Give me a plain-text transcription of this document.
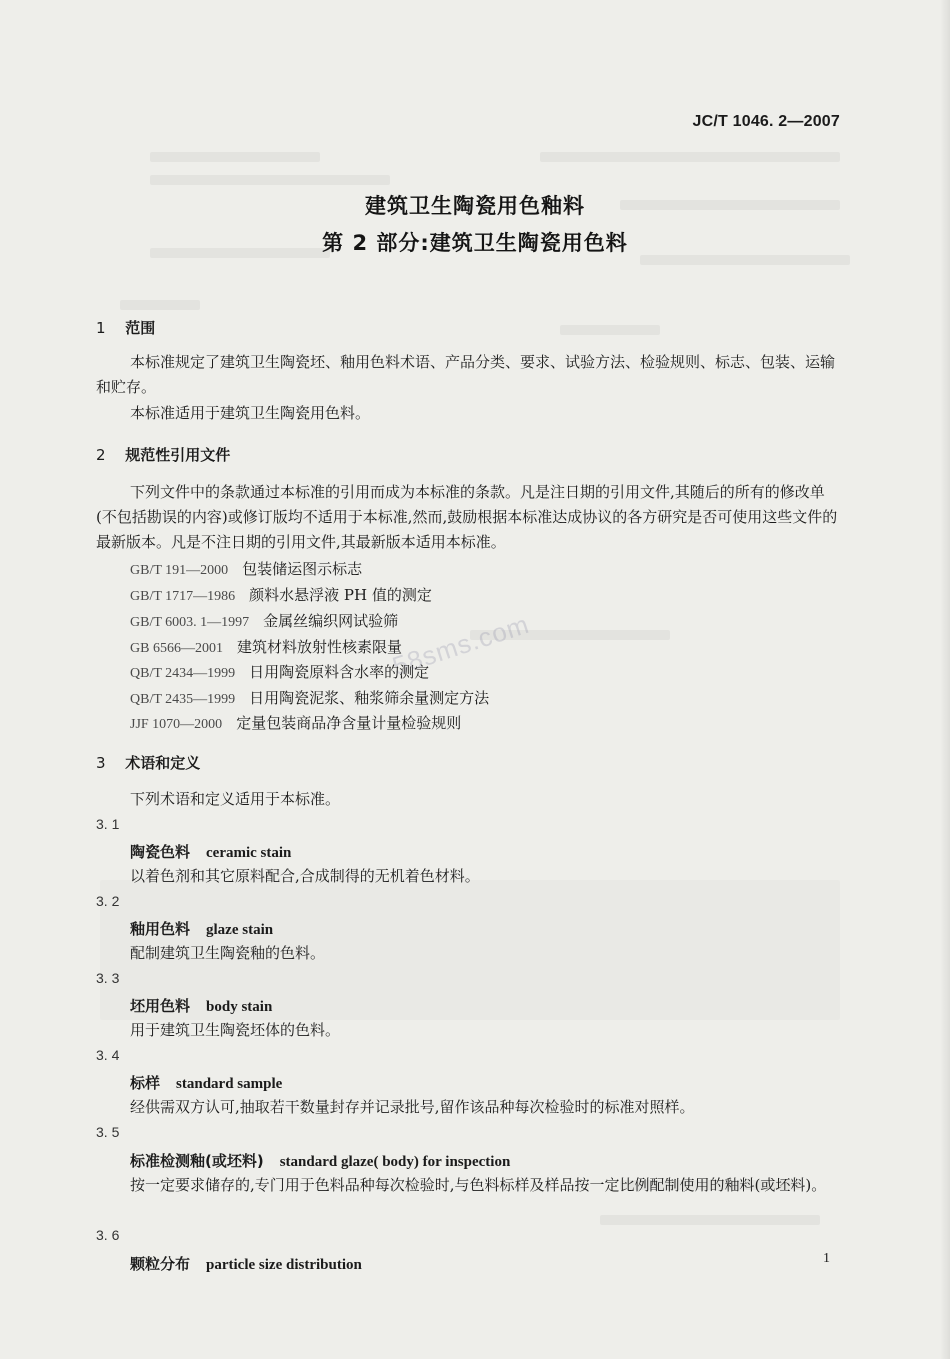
58sms.com
JC/T 1046. 2—2007
建筑卫生陶瓷用色釉料
第 2 部分:建筑卫生陶瓷用色料
1 范围
本标准规定了建筑卫生陶瓷坯、釉用色料术语、产品分类、要求、试验方法、检验规则、标志、包装、运输和贮存。
本标准适用于建筑卫生陶瓷用色料。
2 规范性引用文件
下列文件中的条款通过本标准的引用而成为本标准的条款。凡是注日期的引用文件,其随后的所有的修改单(不包括勘误的内容)或修订版均不适用于本标准,然而,鼓励根据本标准达成协议的各方研究是否可使用这些文件的最新版本。凡是不注日期的引用文件,其最新版本适用本标准。
GB/T 191—2000 包装储运图示标志
GB/T 1717—1986 颜料水悬浮液 PH 值的测定
GB/T 6003. 1—1997 金属丝编织网试验筛
GB 6566—2001 建筑材料放射性核素限量
QB/T 2434—1999 日用陶瓷原料含水率的测定
QB/T 2435—1999 日用陶瓷泥浆、釉浆筛余量测定方法
JJF 1070—2000 定量包装商品净含量计量检验规则
3 术语和定义
下列术语和定义适用于本标准。
3. 1
陶瓷色料 ceramic stain
以着色剂和其它原料配合,合成制得的无机着色材料。
3. 2
釉用色料 glaze stain
配制建筑卫生陶瓷釉的色料。
3. 3
坯用色料 body stain
用于建筑卫生陶瓷坯体的色料。
3. 4
标样 standard sample
经供需双方认可,抽取若干数量封存并记录批号,留作该品种每次检验时的标准对照样。
3. 5
标准检测釉(或坯料) standard glaze( body) for inspection
按一定要求储存的,专门用于色料品种每次检验时,与色料标样及样品按一定比例配制使用的釉料(或坯料)。
3. 6
颗粒分布 particle size distribution	1
